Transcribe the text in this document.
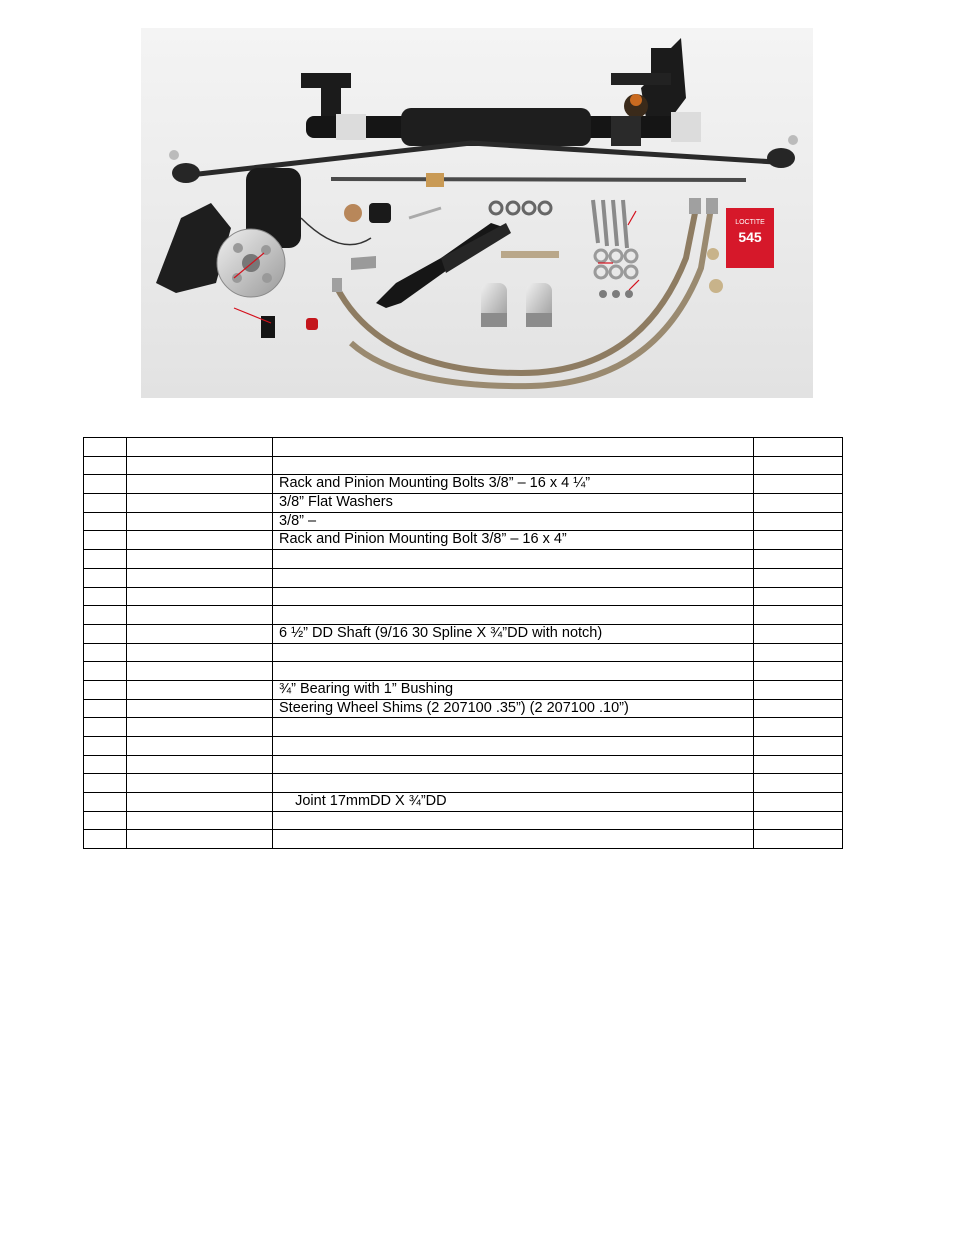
LOCTITE
545

		Rack and Pinion Mounting Bolts 3/8” – 16 x 4 ¼”	
		3/8” Flat Washers	
		3/8” –	
		Rack and Pinion Mounting Bolt 3/8” – 16 x 4”	

		6 ½” DD Shaft (9/16 30 Spline X ¾”DD with notch)	

		¾” Bearing with 1” Bushing	
		Steering Wheel Shims (2 207100 .35”) (2 207100 .10”)	

		Joint 17mmDD X ¾”DD	
